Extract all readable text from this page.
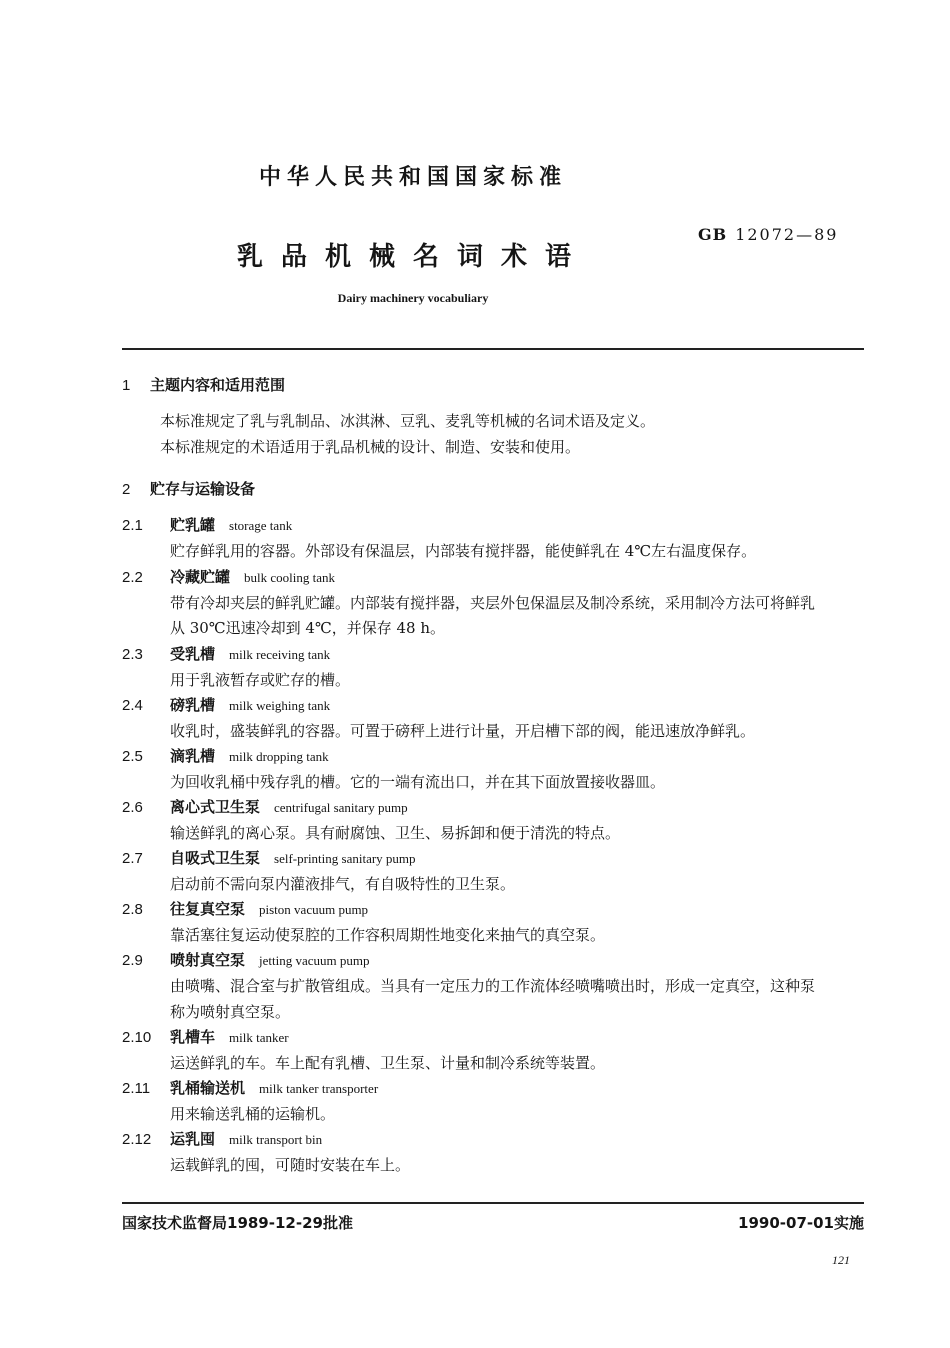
中华人民共和国国家标准
GB 12072—89
乳品机械名词术语
Dairy machinery vocabuliary
1 主题内容和适用范围
本标准规定了乳与乳制品、冰淇淋、豆乳、麦乳等机械的名词术语及定义。
本标准规定的术语适用于乳品机械的设计、制造、安装和使用。
2 贮存与运输设备
2.1 贮乳罐 storage tank
贮存鲜乳用的容器。外部设有保温层，内部装有搅拌器，能使鲜乳在 4℃左右温度保存。
2.2 冷藏贮罐 bulk cooling tank
带有冷却夹层的鲜乳贮罐。内部装有搅拌器，夹层外包保温层及制冷系统，采用制冷方法可将鲜乳
从 30℃迅速冷却到 4℃，并保存 48 h。
2.3 受乳槽 milk receiving tank
用于乳液暂存或贮存的槽。
2.4 磅乳槽 milk weighing tank
收乳时，盛装鲜乳的容器。可置于磅秤上进行计量，开启槽下部的阀，能迅速放净鲜乳。
2.5 滴乳槽 milk dropping tank
为回收乳桶中残存乳的槽。它的一端有流出口，并在其下面放置接收器皿。
2.6 离心式卫生泵 centrifugal sanitary pump
输送鲜乳的离心泵。具有耐腐蚀、卫生、易拆卸和便于清洗的特点。
2.7 自吸式卫生泵 self-printing sanitary pump
启动前不需向泵内灌液排气，有自吸特性的卫生泵。
2.8 往复真空泵 piston vacuum pump
靠活塞往复运动使泵腔的工作容积周期性地变化来抽气的真空泵。
2.9 喷射真空泵 jetting vacuum pump
由喷嘴、混合室与扩散管组成。当具有一定压力的工作流体经喷嘴喷出时，形成一定真空，这种泵
称为喷射真空泵。
2.10 乳槽车 milk tanker
运送鲜乳的车。车上配有乳槽、卫生泵、计量和制冷系统等装置。
2.11 乳桶输送机 milk tanker transporter
用来输送乳桶的运输机。
2.12 运乳囤 milk transport bin
运载鲜乳的囤，可随时安装在车上。
国家技术监督局1989-12-29批准	1990-07-01实施
121
